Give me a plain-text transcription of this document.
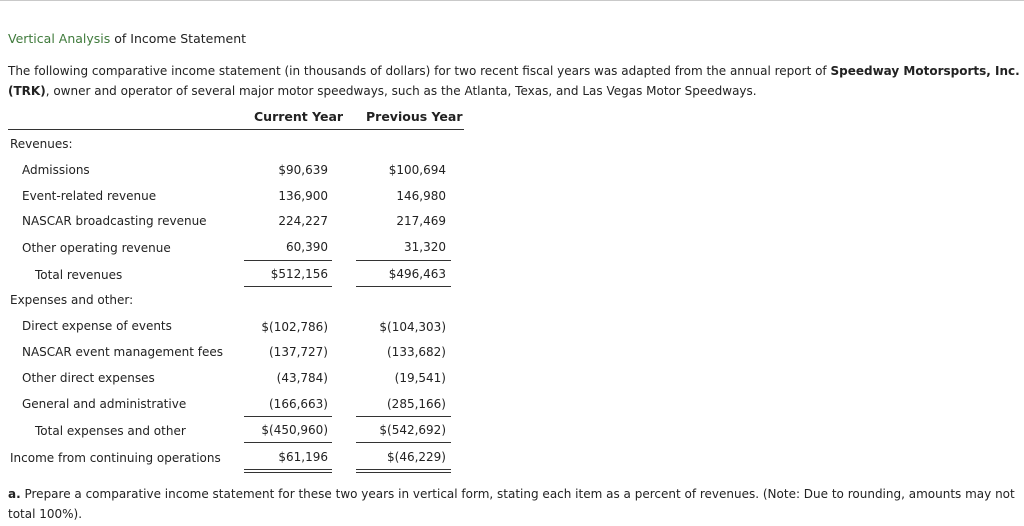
Vertical Analysis of Income Statement
The following comparative income statement (in thousands of dollars) for two recent fiscal years was adapted from the annual report of Speedway Motorsports, Inc. (TRK), owner and operator of several major motor speedways, such as the Atlanta, Texas, and Las Vegas Motor Speedways.
Current Year Previous Year
Revenues:
Admissions	$90,639	$100,694
Event-related revenue	136,900	146,980
NASCAR broadcasting revenue	224,227	217,469
Other operating revenue	60,390	31,320
Total revenues	$512,156	$496,463
Expenses and other:
Direct expense of events	$(102,786)	$(104,303)
NASCAR event management fees	(137,727)	(133,682)
Other direct expenses	(43,784)	(19,541)
General and administrative	(166,663)	(285,166)
Total expenses and other	$(450,960)	$(542,692)
Income from continuing operations	$61,196	$(46,229)
a. Prepare a comparative income statement for these two years in vertical form, stating each item as a percent of revenues. (Note: Due to rounding, amounts may not total 100%).
